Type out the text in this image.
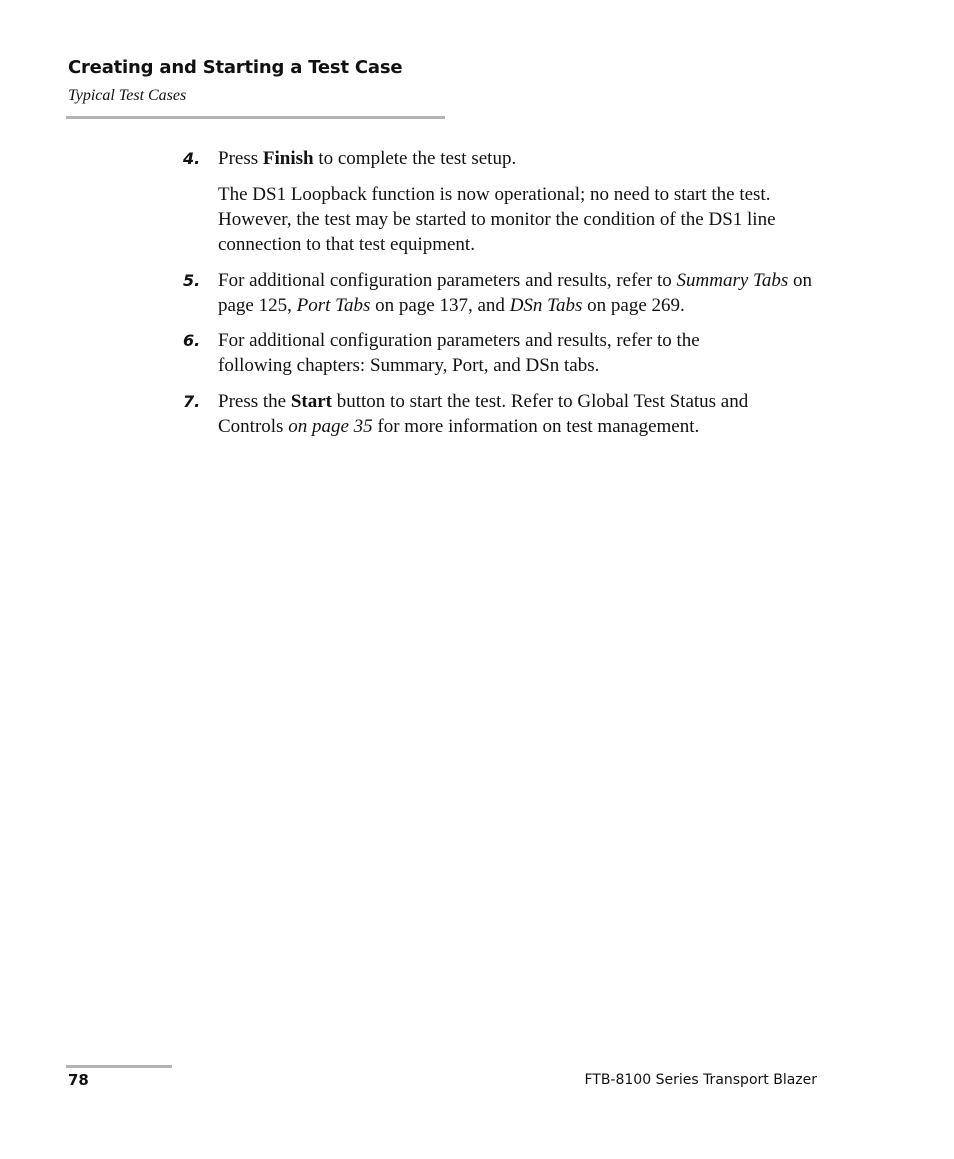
Creating and Starting a Test Case
Typical Test Cases
4. Press Finish to complete the test setup.

The DS1 Loopback function is now operational; no need to start the test. However, the test may be started to monitor the condition of the DS1 line connection to that test equipment.

5. For additional configuration parameters and results, refer to Summary Tabs on page 125, Port Tabs on page 137, and DSn Tabs on page 269.
6. For additional configuration parameters and results, refer to the following chapters: Summary, Port, and DSn tabs.
7. Press the Start button to start the test. Refer to Global Test Status and Controls on page 35 for more information on test management.
78	FTB-8100 Series Transport Blazer
